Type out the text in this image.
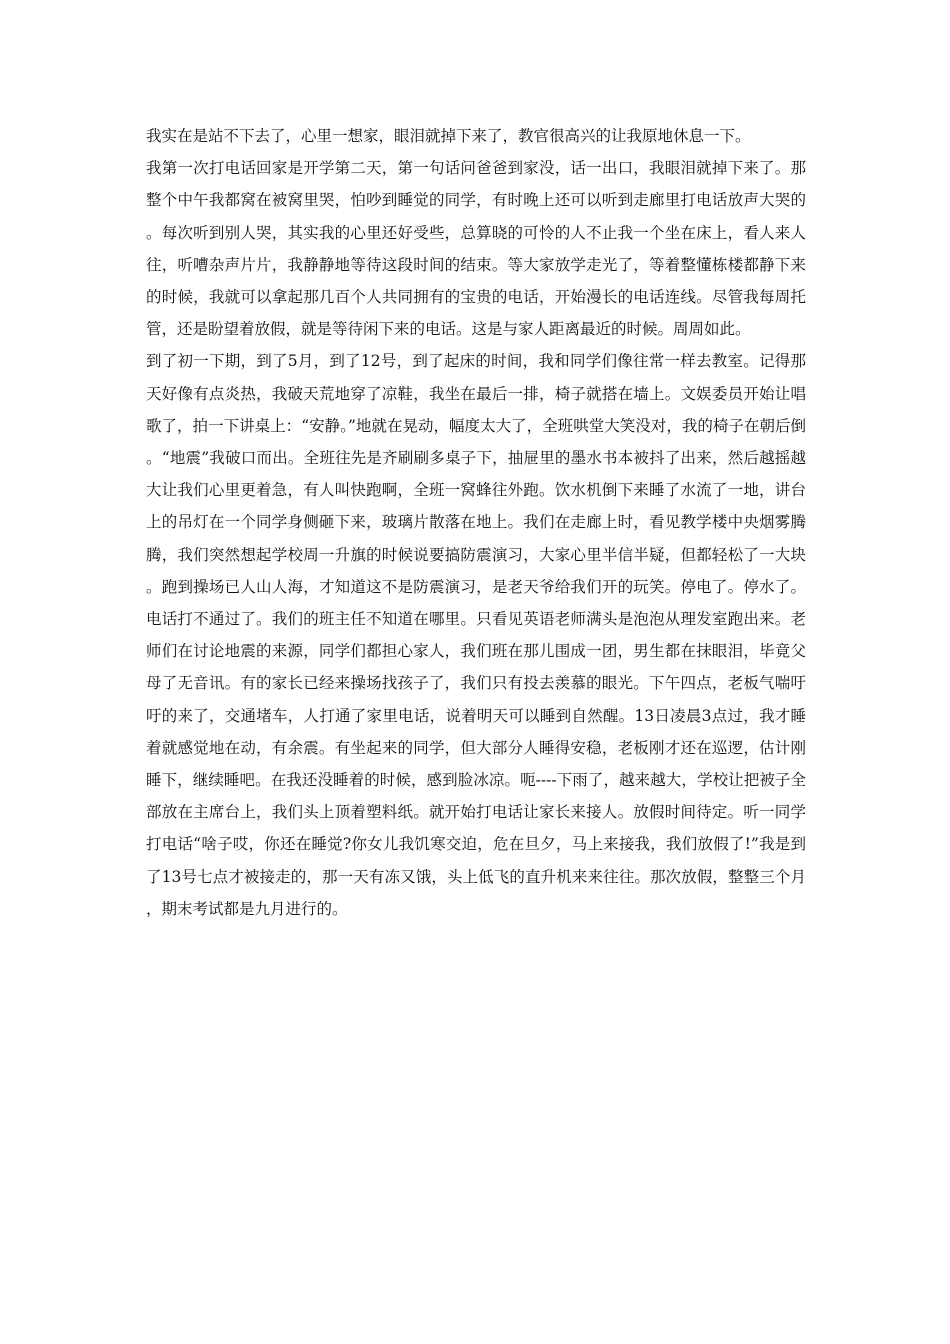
我实在是站不下去了，心里一想家，眼泪就掉下来了，教官很高兴的让我原地休息一下。

我第一次打电话回家是开学第二天，第一句话问爸爸到家没，话一出口，我眼泪就掉下来了。那整个中午我都窝在被窝里哭，怕吵到睡觉的同学，有时晚上还可以听到走廊里打电话放声大哭的。每次听到别人哭，其实我的心里还好受些，总算晓的可怜的人不止我一个坐在床上，看人来人往，听嘈杂声片片，我静静地等待这段时间的结束。等大家放学走光了，等着整懂栋楼都静下来的时候，我就可以拿起那几百个人共同拥有的宝贵的电话，开始漫长的电话连线。尽管我每周托管，还是盼望着放假，就是等待闲下来的电话。这是与家人距离最近的时候。周周如此。

到了初一下期，到了5月，到了12号，到了起床的时间，我和同学们像往常一样去教室。记得那天好像有点炎热，我破天荒地穿了凉鞋，我坐在最后一排，椅子就搭在墙上。文娱委员开始让唱歌了，拍一下讲桌上：“安静。”地就在晃动，幅度太大了，全班哄堂大笑没对，我的椅子在朝后倒。“地震”我破口而出。全班往先是齐刷刷多桌子下，抽屉里的墨水书本被抖了出来，然后越摇越大让我们心里更着急，有人叫快跑啊，全班一窝蜂往外跑。饮水机倒下来睡了水流了一地，讲台上的吊灯在一个同学身侧砸下来，玻璃片散落在地上。我们在走廊上时，看见教学楼中央烟雾腾腾，我们突然想起学校周一升旗的时候说要搞防震演习，大家心里半信半疑，但都轻松了一大块。跑到操场已人山人海，才知道这不是防震演习，是老天爷给我们开的玩笑。停电了。停水了。电话打不通过了。我们的班主任不知道在哪里。只看见英语老师满头是泡泡从理发室跑出来。老师们在讨论地震的来源，同学们都担心家人，我们班在那儿围成一团，男生都在抹眼泪，毕竟父母了无音讯。有的家长已经来操场找孩子了，我们只有投去羡慕的眼光。下午四点，老板气喘吁吁的来了，交通堵车，人打通了家里电话，说着明天可以睡到自然醒。13日凌晨3点过，我才睡着就感觉地在动，有余震。有坐起来的同学，但大部分人睡得安稳，老板刚才还在巡逻，估计刚睡下，继续睡吧。在我还没睡着的时候，感到脸冰凉。呃----下雨了，越来越大，学校让把被子全部放在主席台上，我们头上顶着塑料纸。就开始打电话让家长来接人。放假时间待定。听一同学打电话“啥子哎，你还在睡觉?你女儿我饥寒交迫，危在旦夕，马上来接我，我们放假了!”我是到了13号七点才被接走的，那一天有冻又饿，头上低飞的直升机来来往往。那次放假，整整三个月，期末考试都是九月进行的。
